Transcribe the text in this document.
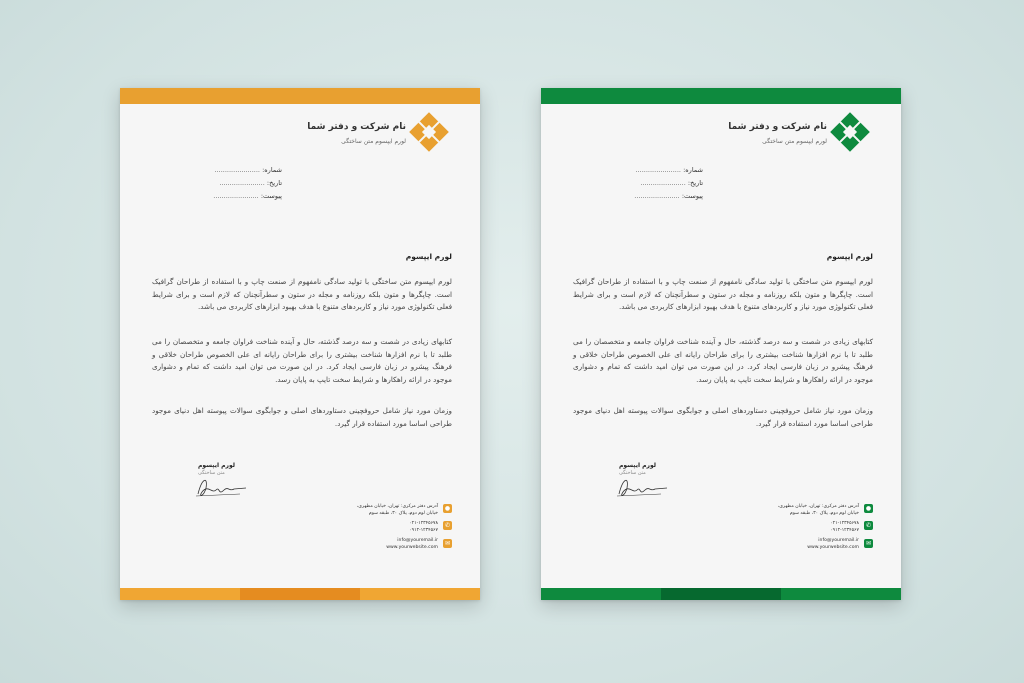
نام شرکت و دفتر شما
لورم ایپسوم متن ساختگی
شماره: ......................
تاریخ: ......................
پیوست: ......................
لورم ایپسوم
لورم ایپسوم متن ساختگی با تولید سادگی نامفهوم از صنعت چاپ و با استفاده از طراحان گرافیک است. چاپگرها و متون بلکه روزنامه و مجله در ستون و سطرآنچنان که لازم است و برای شرایط فعلی تکنولوژی مورد نیاز و کاربردهای متنوع با هدف بهبود ابزارهای کاربردی می باشد.
کتابهای زیادی در شصت و سه درصد گذشته، حال و آینده شناخت فراوان جامعه و متخصصان را می طلبد تا با نرم افزارها شناخت بیشتری را برای طراحان رایانه ای علی الخصوص طراحان خلاقی و فرهنگ پیشرو در زبان فارسی ایجاد کرد. در این صورت می توان امید داشت که تمام و دشواری موجود در ارائه راهکارها و شرایط سخت تایپ به پایان رسد.
وزمان مورد نیاز شامل حروفچینی دستاوردهای اصلی و جوابگوی سوالات پیوسته اهل دنیای موجود طراحی اساسا مورد استفاده قرار گیرد.
لورم ایپسوم
متن ساختگی
●
آدرس دفتر مرکزی: تهران، خیابان مطهری،
خیابان لوم دوم، پلاک ۳۰، طبقه سوم
✆
۰۲۱-۱۲۳۴۵۶۷۸
۰۹۱۲-۱۲۳۴۵۶۷
✉
info@youremail.ir
www.yourwebsite.com
نام شرکت و دفتر شما
لورم ایپسوم متن ساختگی
شماره: ......................
تاریخ: ......................
پیوست: ......................
لورم ایپسوم
لورم ایپسوم متن ساختگی با تولید سادگی نامفهوم از صنعت چاپ و با استفاده از طراحان گرافیک است. چاپگرها و متون بلکه روزنامه و مجله در ستون و سطرآنچنان که لازم است و برای شرایط فعلی تکنولوژی مورد نیاز و کاربردهای متنوع با هدف بهبود ابزارهای کاربردی می باشد.
کتابهای زیادی در شصت و سه درصد گذشته، حال و آینده شناخت فراوان جامعه و متخصصان را می طلبد تا با نرم افزارها شناخت بیشتری را برای طراحان رایانه ای علی الخصوص طراحان خلاقی و فرهنگ پیشرو در زبان فارسی ایجاد کرد. در این صورت می توان امید داشت که تمام و دشواری موجود در ارائه راهکارها و شرایط سخت تایپ به پایان رسد.
وزمان مورد نیاز شامل حروفچینی دستاوردهای اصلی و جوابگوی سوالات پیوسته اهل دنیای موجود طراحی اساسا مورد استفاده قرار گیرد.
لورم ایپسوم
متن ساختگی
●
آدرس دفتر مرکزی: تهران، خیابان مطهری،
خیابان لوم دوم، پلاک ۳۰، طبقه سوم
✆
۰۲۱-۱۲۳۴۵۶۷۸
۰۹۱۲-۱۲۳۴۵۶۷
✉
info@youremail.ir
www.yourwebsite.com
